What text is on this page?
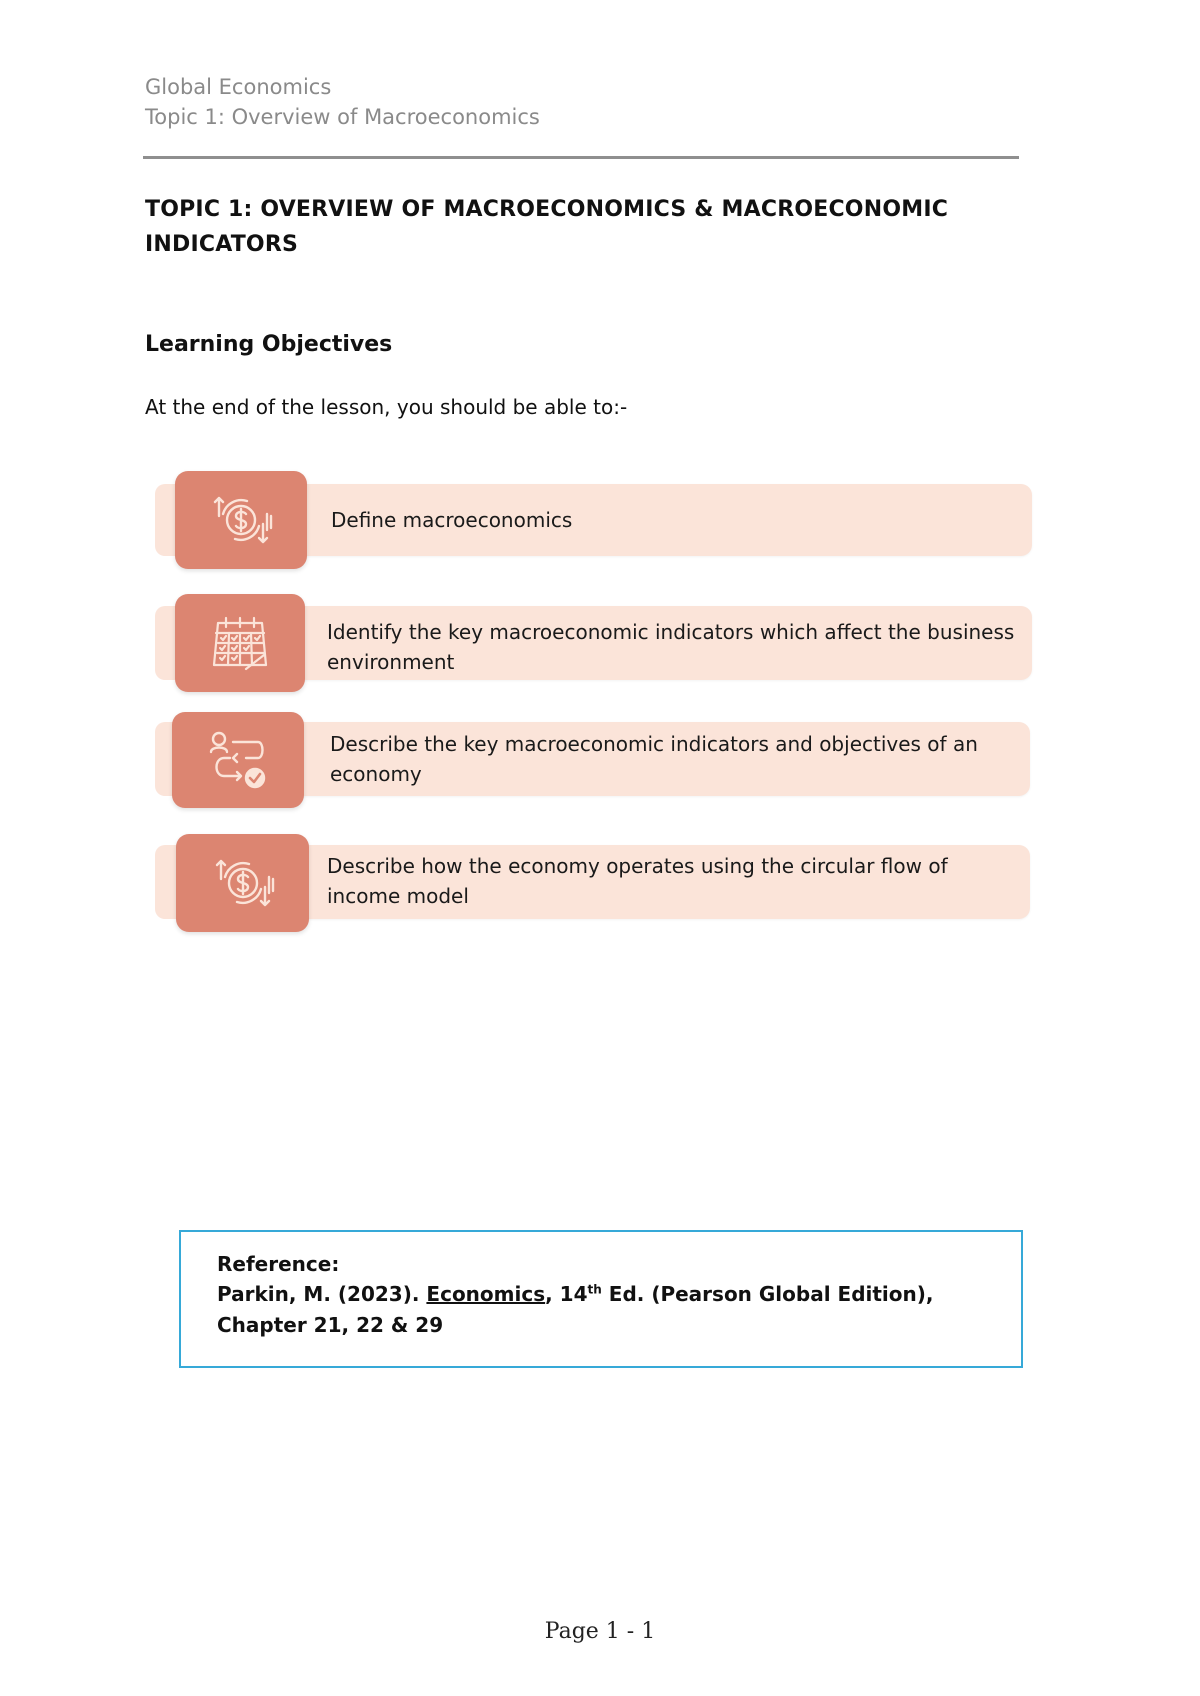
Global Economics
Topic 1: Overview of Macroeconomics
TOPIC 1: OVERVIEW OF MACROECONOMICS & MACROECONOMIC
INDICATORS
Learning Objectives
At the end of the lesson, you should be able to:-
Define macroeconomics
Identify the key macroeconomic indicators which affect the business
environment
Describe the key macroeconomic indicators and objectives of an
economy
Describe how the economy operates using the circular flow of
income model
Reference:
Parkin, M. (2023). Economics, 14th Ed. (Pearson Global Edition),
Chapter 21, 22 & 29
Page 1 - 1
